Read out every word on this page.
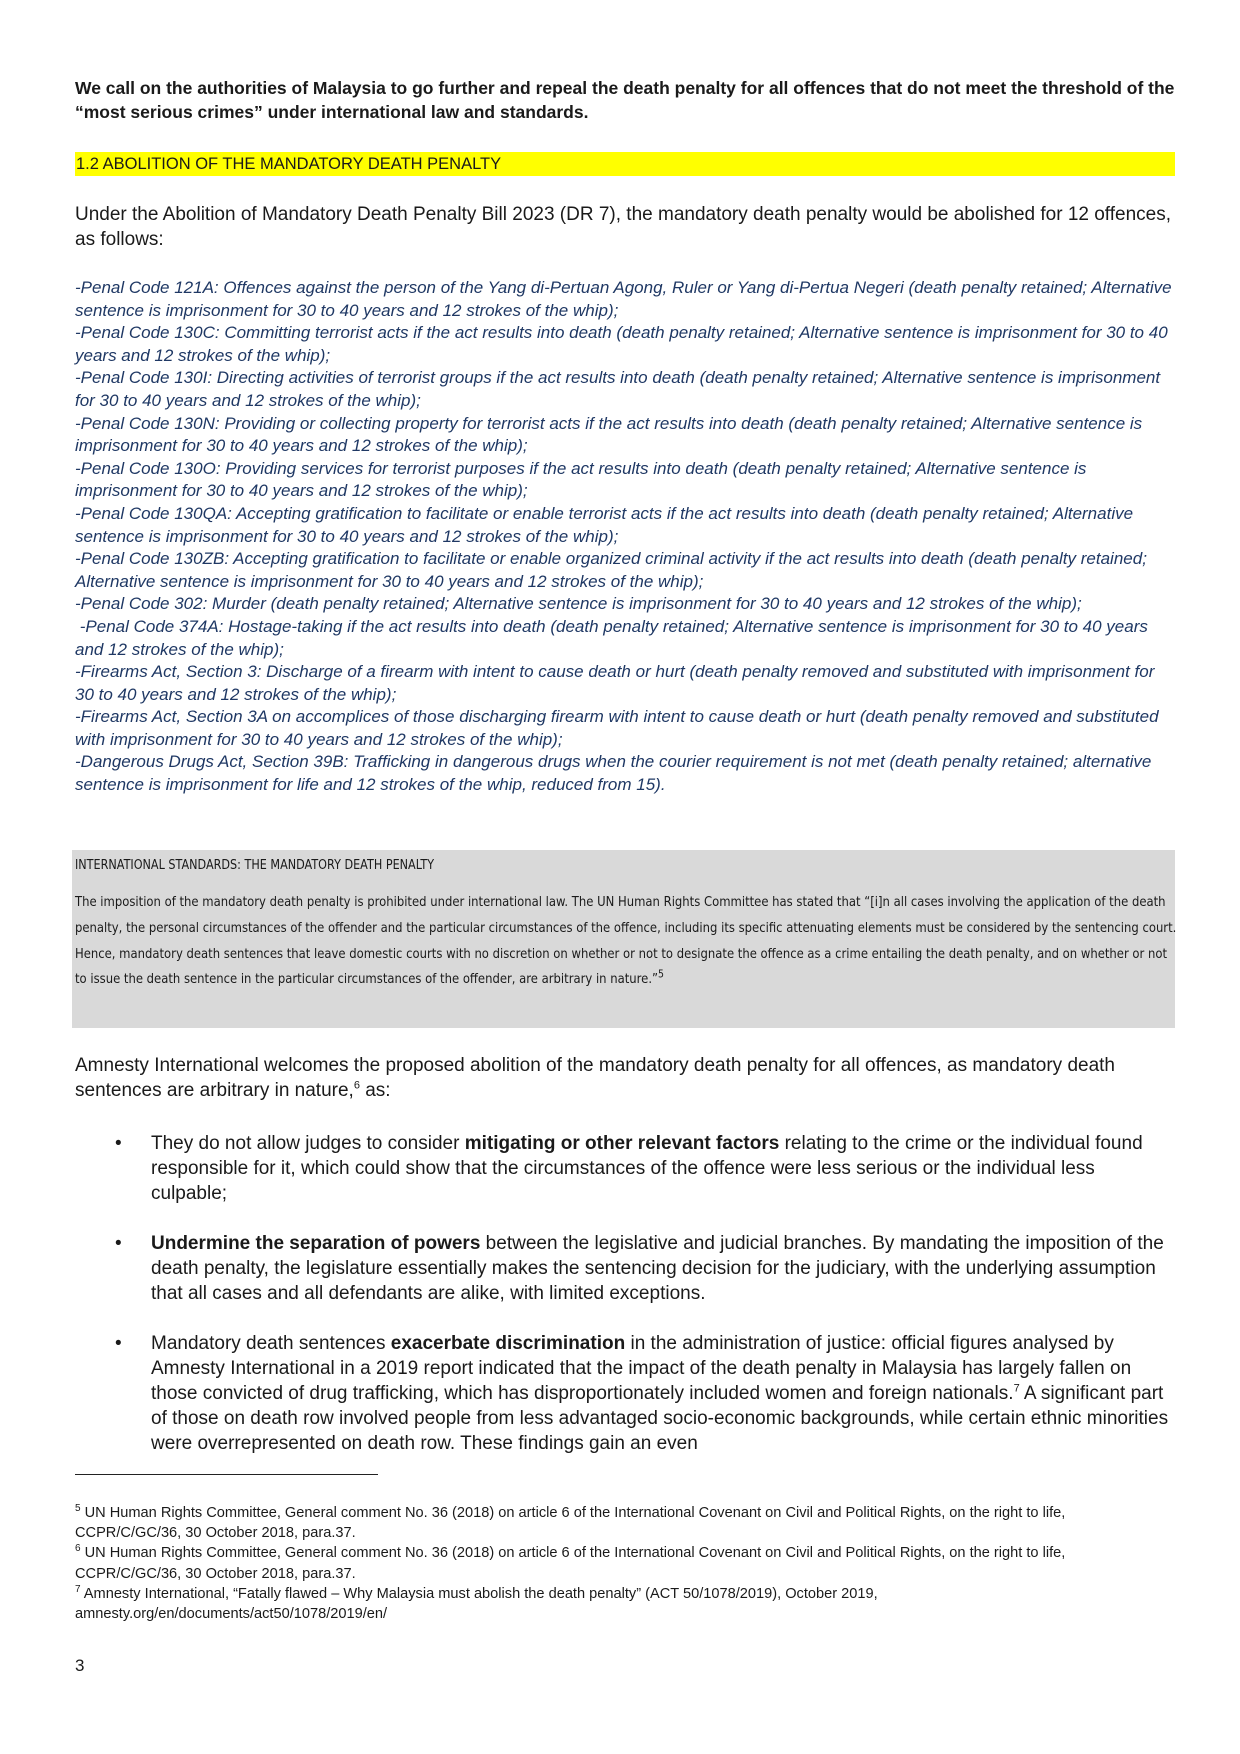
We call on the authorities of Malaysia to go further and repeal the death penalty for all offences that do not meet the threshold of the “most serious crimes” under international law and standards.

1.2 ABOLITION OF THE MANDATORY DEATH PENALTY

Under the Abolition of Mandatory Death Penalty Bill 2023 (DR 7), the mandatory death penalty would be abolished for 12 offences, as follows:

-Penal Code 121A: Offences against the person of the Yang di-Pertuan Agong, Ruler or Yang di-Pertua Negeri (death penalty retained; Alternative sentence is imprisonment for 30 to 40 years and 12 strokes of the whip);
-Penal Code 130C: Committing terrorist acts if the act results into death (death penalty retained; Alternative sentence is imprisonment for 30 to 40 years and 12 strokes of the whip);
-Penal Code 130I: Directing activities of terrorist groups if the act results into death (death penalty retained; Alternative sentence is imprisonment for 30 to 40 years and 12 strokes of the whip);
-Penal Code 130N: Providing or collecting property for terrorist acts if the act results into death (death penalty retained; Alternative sentence is imprisonment for 30 to 40 years and 12 strokes of the whip);
-Penal Code 130O: Providing services for terrorist purposes if the act results into death (death penalty retained; Alternative sentence is imprisonment for 30 to 40 years and 12 strokes of the whip);
-Penal Code 130QA: Accepting gratification to facilitate or enable terrorist acts if the act results into death (death penalty retained; Alternative sentence is imprisonment for 30 to 40 years and 12 strokes of the whip);
-Penal Code 130ZB: Accepting gratification to facilitate or enable organized criminal activity if the act results into death (death penalty retained; Alternative sentence is imprisonment for 30 to 40 years and 12 strokes of the whip);
-Penal Code 302: Murder (death penalty retained; Alternative sentence is imprisonment for 30 to 40 years and 12 strokes of the whip);
-Penal Code 374A: Hostage-taking if the act results into death (death penalty retained; Alternative sentence is imprisonment for 30 to 40 years and 12 strokes of the whip);
-Firearms Act, Section 3: Discharge of a firearm with intent to cause death or hurt (death penalty removed and substituted with imprisonment for 30 to 40 years and 12 strokes of the whip);
-Firearms Act, Section 3A on accomplices of those discharging firearm with intent to cause death or hurt (death penalty removed and substituted with imprisonment for 30 to 40 years and 12 strokes of the whip);
-Dangerous Drugs Act, Section 39B: Trafficking in dangerous drugs when the courier requirement is not met (death penalty retained; alternative sentence is imprisonment for life and 12 strokes of the whip, reduced from 15).
INTERNATIONAL STANDARDS: THE MANDATORY DEATH PENALTY
The imposition of the mandatory death penalty is prohibited under international law. The UN Human Rights Committee has stated that “[i]n all cases involving the application of the death penalty, the personal circumstances of the offender and the particular circumstances of the offence, including its specific attenuating elements must be considered by the sentencing court. Hence, mandatory death sentences that leave domestic courts with no discretion on whether or not to designate the offence as a crime entailing the death penalty, and on whether or not to issue the death sentence in the particular circumstances of the offender, are arbitrary in nature.”$^5$

Amnesty International welcomes the proposed abolition of the mandatory death penalty for all offences, as mandatory death sentences are arbitrary in nature,$^6$ as:

• They do not allow judges to consider mitigating or other relevant factors relating to the crime or the individual found responsible for it, which could show that the circumstances of the offence were less serious or the individual less culpable;
• Undermine the separation of powers between the legislative and judicial branches. By mandating the imposition of the death penalty, the legislature essentially makes the sentencing decision for the judiciary, with the underlying assumption that all cases and all defendants are alike, with limited exceptions.
• Mandatory death sentences exacerbate discrimination in the administration of justice: official figures analysed by Amnesty International in a 2019 report indicated that the impact of the death penalty in Malaysia has largely fallen on those convicted of drug trafficking, which has disproportionately included women and foreign nationals.$^7$ A significant part of those on death row involved people from less advantaged socio-economic backgrounds, while certain ethnic minorities were overrepresented on death row. These findings gain an even
$^5$ UN Human Rights Committee, General comment No. 36 (2018) on article 6 of the International Covenant on Civil and Political Rights, on the right to life, CCPR/C/GC/36, 30 October 2018, para.37.
$^6$ UN Human Rights Committee, General comment No. 36 (2018) on article 6 of the International Covenant on Civil and Political Rights, on the right to life, CCPR/C/GC/36, 30 October 2018, para.37.
$^7$ Amnesty International, “Fatally flawed – Why Malaysia must abolish the death penalty” (ACT 50/1078/2019), October 2019, amnesty.org/en/documents/act50/1078/2019/en/
3
